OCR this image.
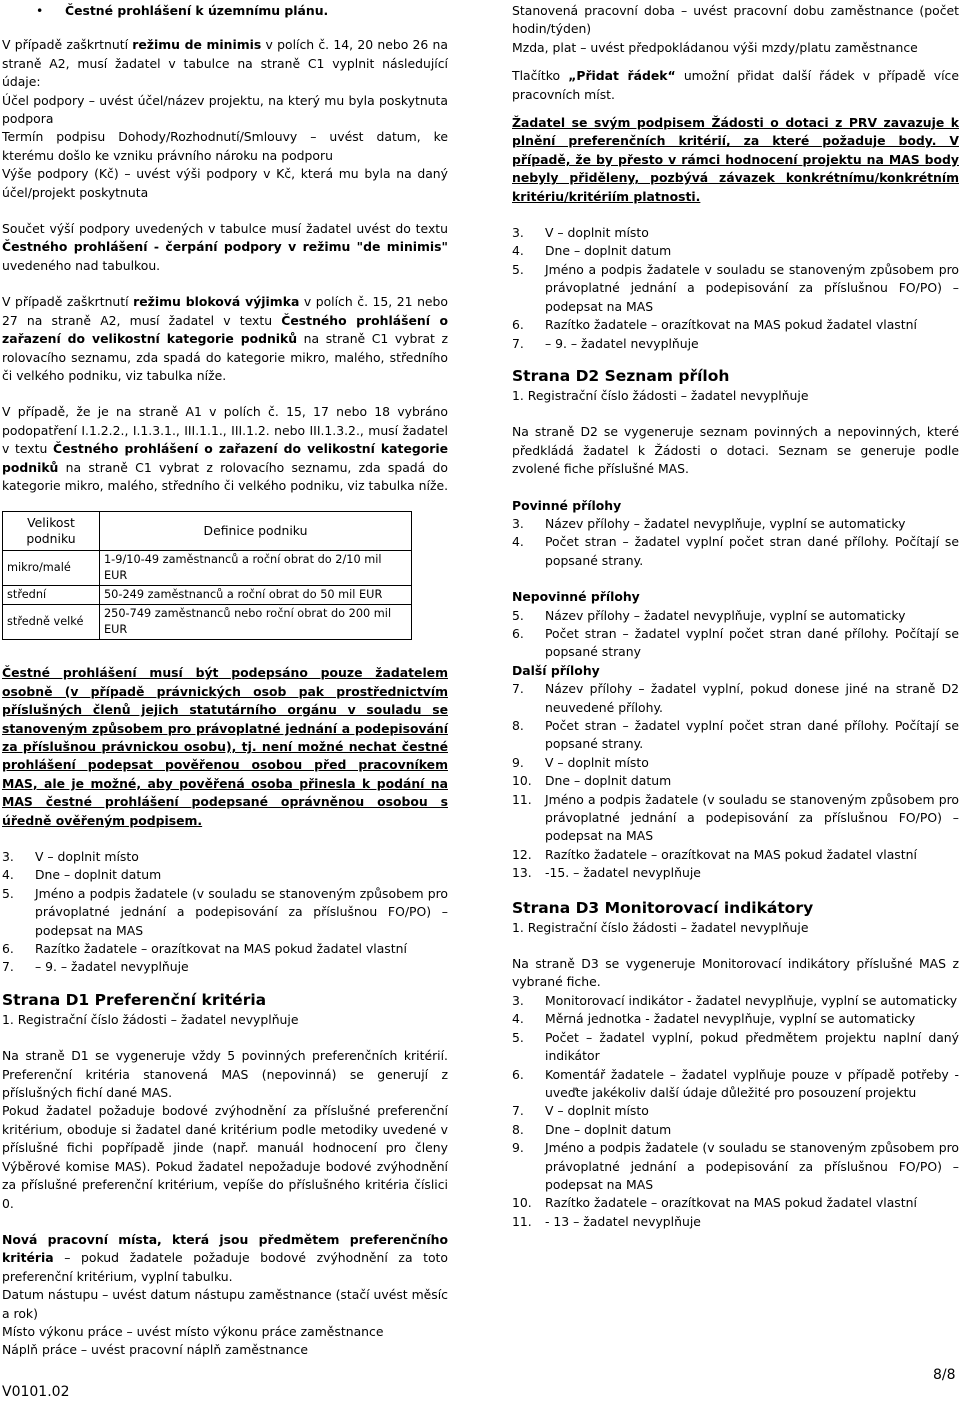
• Čestné prohlášení k územnímu plánu.

V případě zaškrtnutí režimu de minimis v polích č. 14, 20 nebo 26 na straně A2, musí žadatel v tabulce na straně C1 vyplnit následující údaje:

Účel podpory – uvést účel/název projektu, na který mu byla poskytnuta podpora

Termín podpisu Dohody/Rozhodnutí/Smlouvy – uvést datum, ke kterému došlo ke vzniku právního nároku na podporu

Výše podpory (Kč) – uvést výši podpory v Kč, která mu byla na daný účel/projekt poskytnuta

Součet výší podpory uvedených v tabulce musí žadatel uvést do textu Čestného prohlášení - čerpání podpory v režimu "de minimis" uvedeného nad tabulkou.

V případě zaškrtnutí režimu bloková výjimka v polích č. 15, 21 nebo 27 na straně A2, musí žadatel v textu Čestného prohlášení o zařazení do velikostní kategorie podniků na straně C1 vybrat z rolovacího seznamu, zda spadá do kategorie mikro, malého, středního či velkého podniku, viz tabulka níže.

V případě, že je na straně A1 v polích č. 15, 17 nebo 18 vybráno podopatření I.1.2.2., I.1.3.1., III.1.1., III.1.2. nebo III.1.3.2., musí žadatel v textu Čestného prohlášení o zařazení do velikostní kategorie podniků na straně C1 vybrat z rolovacího seznamu, zda spadá do kategorie mikro, malého, středního či velkého podniku, viz tabulka níže.

Velikost podniku	Definice podniku
mikro/malé	1-9/10-49 zaměstnanců a roční obrat do 2/10 mil EUR
střední	50-249 zaměstnanců a roční obrat do 50 mil EUR
středně velké	250-749 zaměstnanců nebo roční obrat do 200 mil EUR

Čestné prohlášení musí být podepsáno pouze žadatelem osobně (v případě právnických osob pak prostřednictvím příslušných členů jejich statutárního orgánu v souladu se stanoveným způsobem pro právoplatné jednání a podepisování za příslušnou právnickou osobu), tj. není možné nechat čestné prohlášení podepsat pověřenou osobou před pracovníkem MAS, ale je možné, aby pověřená osoba přinesla k podání na MAS čestné prohlášení podepsané oprávněnou osobou s úředně ověřeným podpisem.

3. V – doplnit místo

4. Dne – doplnit datum

5. Jméno a podpis žadatele (v souladu se stanoveným způsobem pro právoplatné jednání a podepisování za příslušnou FO/PO) – podepsat na MAS

6. Razítko žadatele – orazítkovat na MAS pokud žadatel vlastní

7. – 9. – žadatel nevyplňuje

Strana D1 Preferenční kritéria

1. Registrační číslo žádosti – žadatel nevyplňuje

Na straně D1 se vygeneruje vždy 5 povinných preferenčních kritérií. Preferenční kritéria stanovená MAS (nepovinná) se generují z příslušných fichí dané MAS.

Pokud žadatel požaduje bodové zvýhodnění za příslušné preferenční kritérium, oboduje si žadatel dané kritérium podle metodiky uvedené v příslušné fichi popřípadě jinde (např. manuál hodnocení pro členy Výběrové komise MAS). Pokud žadatel nepožaduje bodové zvýhodnění za příslušné preferenční kritérium, vepíše do příslušného kritéria číslici 0.

Nová pracovní místa, která jsou předmětem preferenčního kritéria – pokud žadatele požaduje bodové zvýhodnění za toto preferenční kritérium, vyplní tabulku.

Datum nástupu – uvést datum nástupu zaměstnance (stačí uvést měsíc a rok)

Místo výkonu práce – uvést místo výkonu práce zaměstnance

Náplň práce – uvést pracovní náplň zaměstnance

Stanovená pracovní doba – uvést pracovní dobu zaměstnance (počet hodin/týden)

Mzda, plat – uvést předpokládanou výši mzdy/platu zaměstnance

Tlačítko „Přidat řádek“ umožní přidat další řádek v případě více pracovních míst.

Žadatel se svým podpisem Žádosti o dotaci z PRV zavazuje k plnění preferenčních kritérií, za které požaduje body. V případě, že by přesto v rámci hodnocení projektu na MAS body nebyly přiděleny, pozbývá závazek konkrétnímu/konkrétním kritériu/kritériím platnosti.

3. V – doplnit místo

4. Dne – doplnit datum

5. Jméno a podpis žadatele v souladu se stanoveným způsobem pro právoplatné jednání a podepisování za příslušnou FO/PO) – podepsat na MAS

6. Razítko žadatele – orazítkovat na MAS pokud žadatel vlastní

7. – 9. – žadatel nevyplňuje

Strana D2 Seznam příloh

1. Registrační číslo žádosti – žadatel nevyplňuje

Na straně D2 se vygeneruje seznam povinných a nepovinných, které předkládá žadatel k Žádosti o dotaci. Seznam se generuje podle zvolené fiche příslušné MAS.

Povinné přílohy

3. Název přílohy – žadatel nevyplňuje, vyplní se automaticky

4. Počet stran – žadatel vyplní počet stran dané přílohy. Počítají se popsané strany.

Nepovinné přílohy

5. Název přílohy – žadatel nevyplňuje, vyplní se automaticky

6. Počet stran – žadatel vyplní počet stran dané přílohy. Počítají se popsané strany

Další přílohy

7. Název přílohy – žadatel vyplní, pokud donese jiné na straně D2 neuvedené přílohy.

8. Počet stran – žadatel vyplní počet stran dané přílohy. Počítají se popsané strany.

9. V – doplnit místo

10. Dne – doplnit datum

11. Jméno a podpis žadatele (v souladu se stanoveným způsobem pro právoplatné jednání a podepisování za příslušnou FO/PO) – podepsat na MAS

12. Razítko žadatele – orazítkovat na MAS pokud žadatel vlastní

13. -15. – žadatel nevyplňuje

Strana D3 Monitorovací indikátory

1. Registrační číslo žádosti – žadatel nevyplňuje

Na straně D3 se vygeneruje Monitorovací indikátory příslušné MAS z vybrané fiche.

3. Monitorovací indikátor - žadatel nevyplňuje, vyplní se automaticky

4. Měrná jednotka - žadatel nevyplňuje, vyplní se automaticky

5. Počet – žadatel vyplní, pokud předmětem projektu naplní daný indikátor

6. Komentář žadatele – žadatel vyplňuje pouze v případě potřeby - uveďte jakékoliv další údaje důležité pro posouzení projektu

7. V – doplnit místo

8. Dne – doplnit datum

9. Jméno a podpis žadatele (v souladu se stanoveným způsobem pro právoplatné jednání a podepisování za příslušnou FO/PO) – podepsat na MAS

10. Razítko žadatele – orazítkovat na MAS pokud žadatel vlastní

11. - 13 – žadatel nevyplňuje

V0101.02
8/8
